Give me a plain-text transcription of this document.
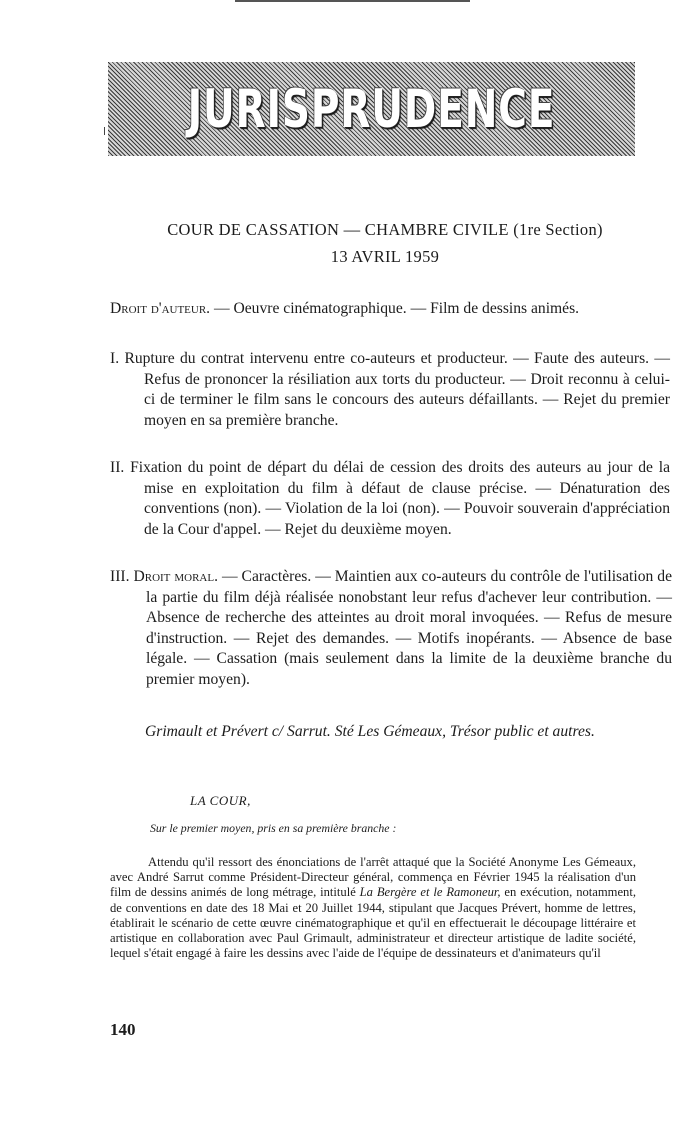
JURISPRUDENCE
COUR DE CASSATION — CHAMBRE CIVILE (1re Section)
13 AVRIL 1959
Droit d'auteur. — Oeuvre cinématographique. — Film de dessins animés.
I. Rupture du contrat intervenu entre co-auteurs et producteur. — Faute des auteurs. — Refus de prononcer la résiliation aux torts du producteur. — Droit reconnu à celui-ci de terminer le film sans le concours des auteurs défaillants. — Rejet du premier moyen en sa première branche.
II. Fixation du point de départ du délai de cession des droits des auteurs au jour de la mise en exploitation du film à défaut de clause précise. — Dénaturation des conventions (non). — Violation de la loi (non). — Pouvoir souverain d'appréciation de la Cour d'appel. — Rejet du deuxième moyen.
III. Droit moral. — Caractères. — Maintien aux co-auteurs du contrôle de l'utilisation de la partie du film déjà réalisée nonobstant leur refus d'achever leur contribution. — Absence de recherche des atteintes au droit moral invoquées. — Refus de mesure d'instruction. — Rejet des demandes. — Motifs inopérants. — Absence de base légale. — Cassation (mais seulement dans la limite de la deuxième branche du premier moyen).
Grimault et Prévert c/ Sarrut. Sté Les Gémeaux, Trésor public et autres.
LA COUR,
Sur le premier moyen, pris en sa première branche :

Attendu qu'il ressort des énonciations de l'arrêt attaqué que la Société Anonyme Les Gémeaux, avec André Sarrut comme Président-Directeur général, commença en Février 1945 la réalisation d'un film de dessins animés de long métrage, intitulé La Bergère et le Ramoneur, en exécution, notamment, de conventions en date des 18 Mai et 20 Juillet 1944, stipulant que Jacques Prévert, homme de lettres, établirait le scénario de cette œuvre cinématographique et qu'il en effectuerait le découpage littéraire et artistique en collaboration avec Paul Grimault, administrateur et directeur artistique de ladite société, lequel s'était engagé à faire les dessins avec l'aide de l'équipe de dessinateurs et d'animateurs qu'il

140
